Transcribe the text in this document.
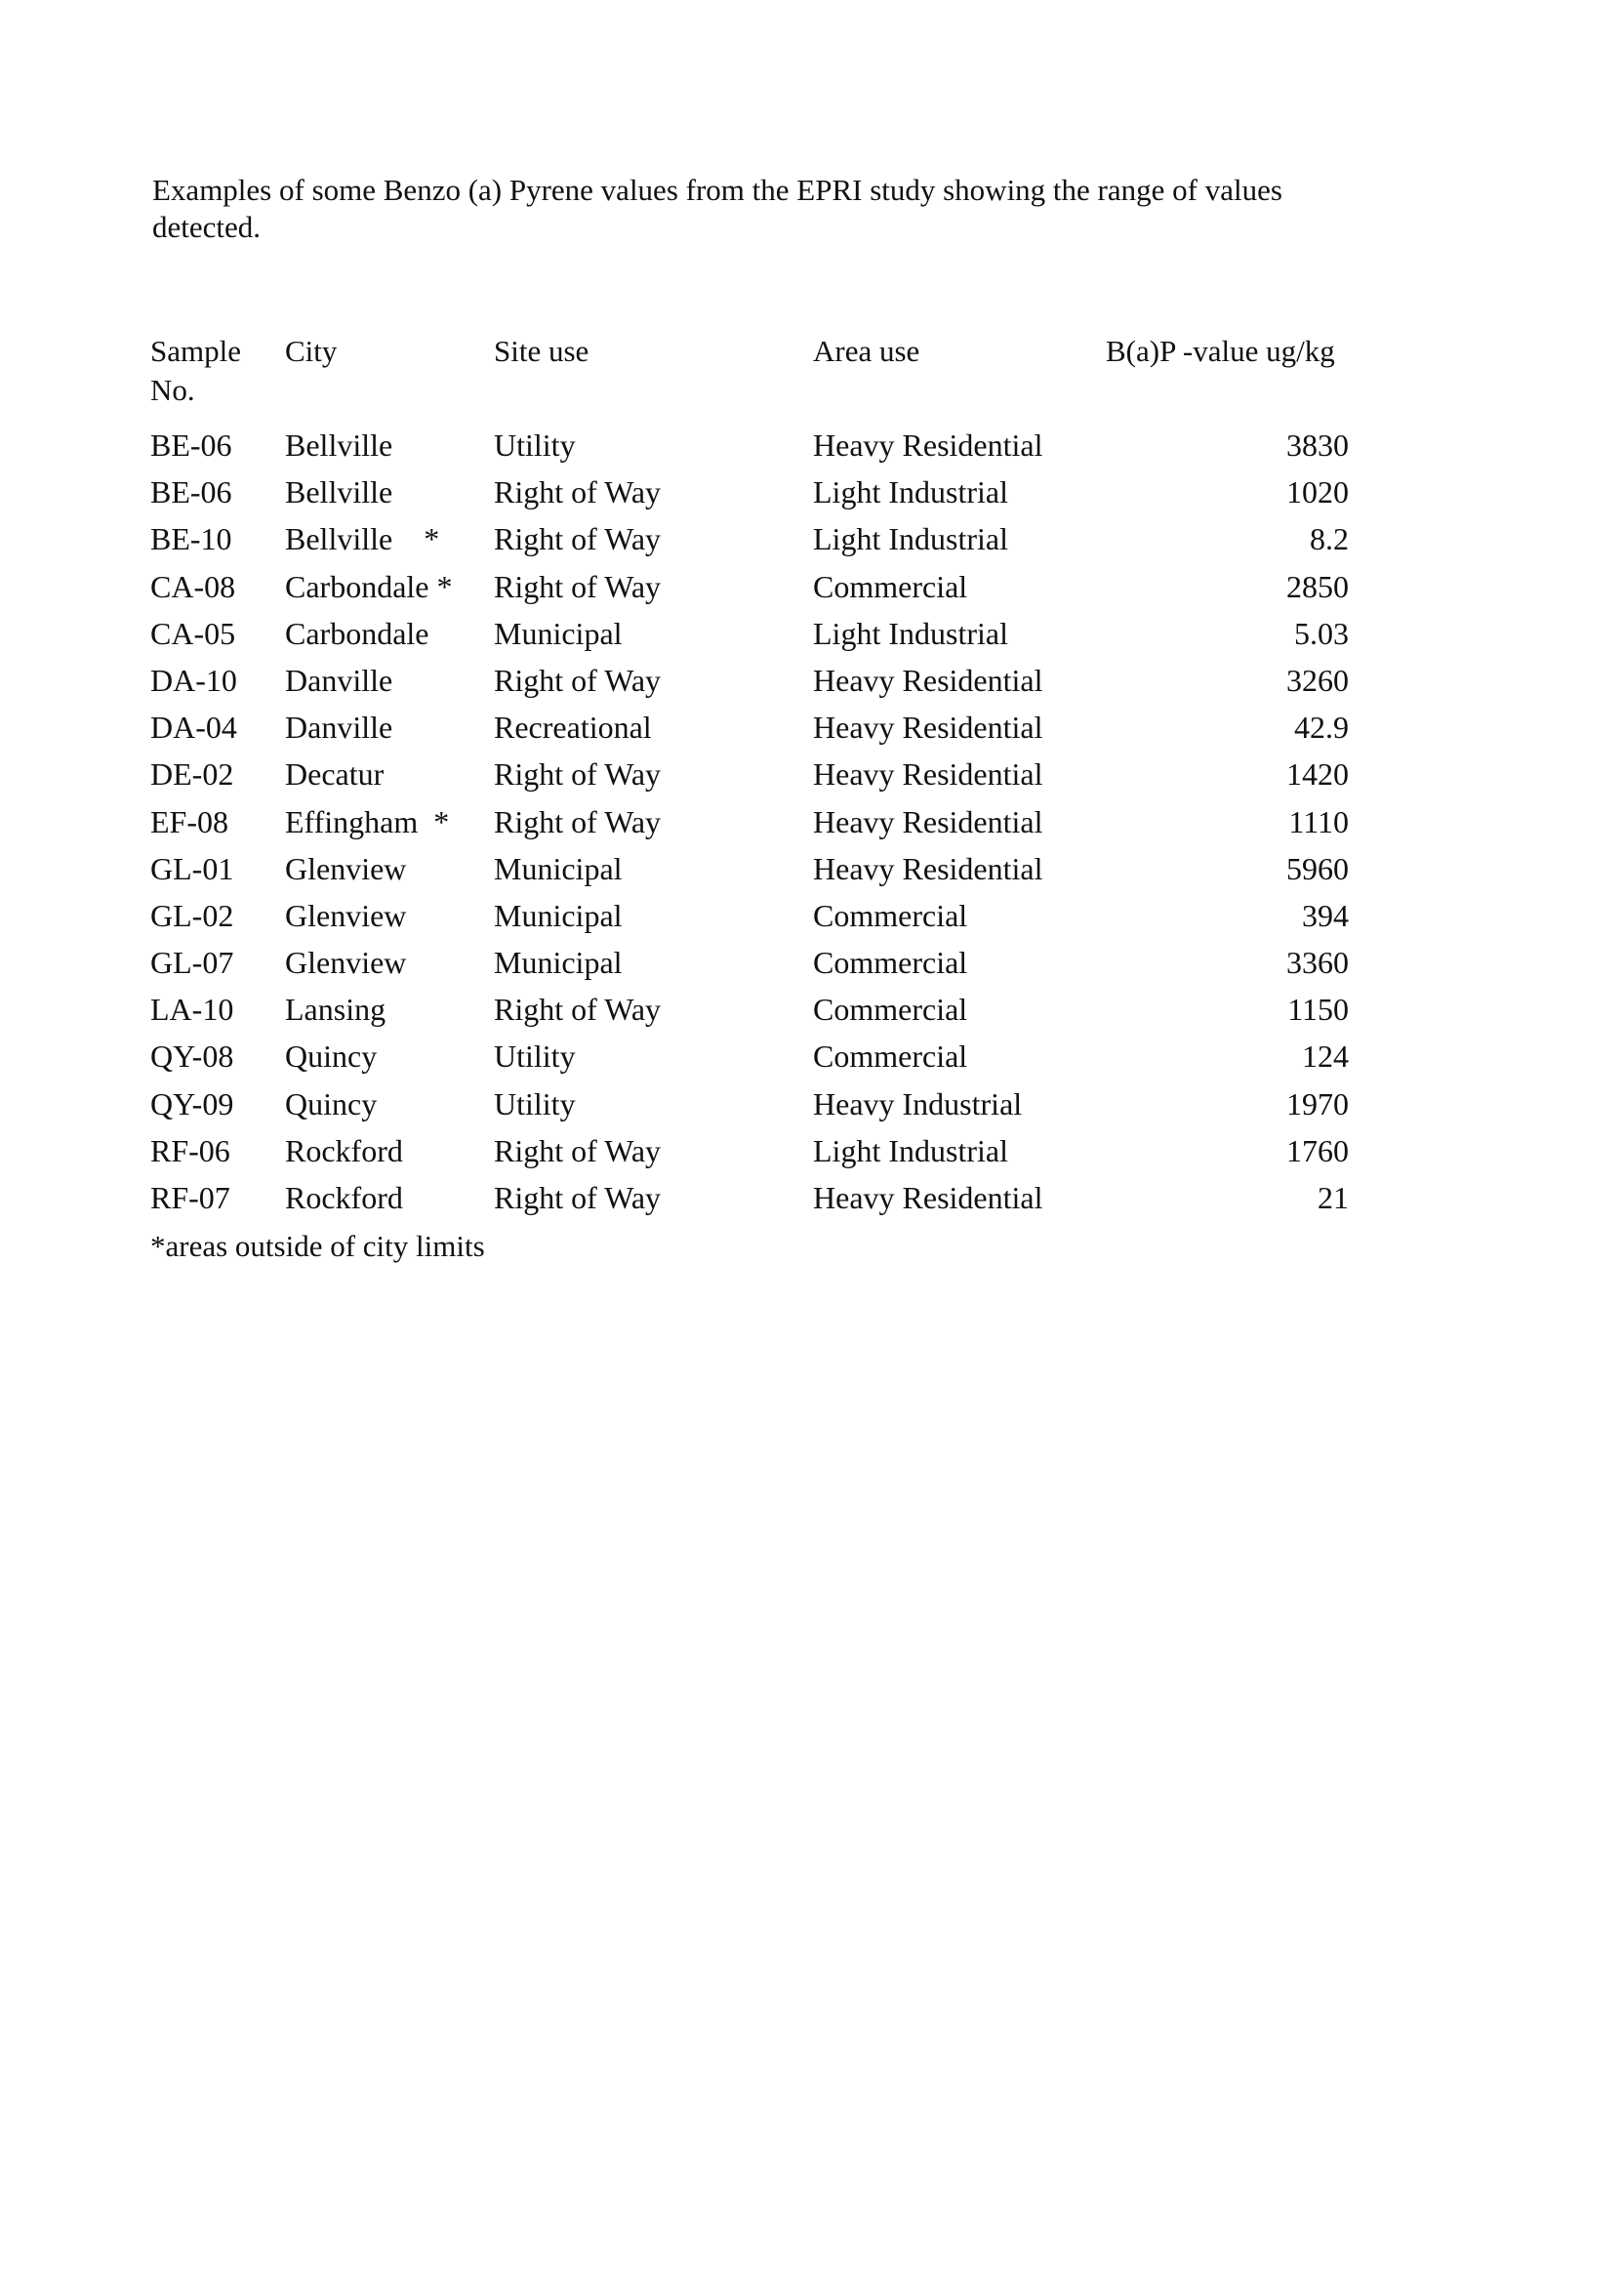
Examples of some Benzo (a) Pyrene values from the EPRI study showing the range of values detected.

Sample No.	City	Site use	Area use	B(a)P -value ug/kg
BE-06	Bellville	Utility	Heavy Residential	3830
BE-06	Bellville	Right of Way	Light Industrial	1020
BE-10	Bellville    *	Right of Way	Light Industrial	8.2
CA-08	Carbondale *	Right of Way	Commercial	2850
CA-05	Carbondale	Municipal	Light Industrial	5.03
DA-10	Danville	Right of Way	Heavy Residential	3260
DA-04	Danville	Recreational	Heavy Residential	42.9
DE-02	Decatur	Right of Way	Heavy Residential	1420
EF-08	Effingham  *	Right of Way	Heavy Residential	1110
GL-01	Glenview	Municipal	Heavy Residential	5960
GL-02	Glenview	Municipal	Commercial	394
GL-07	Glenview	Municipal	Commercial	3360
LA-10	Lansing	Right of Way	Commercial	1150
QY-08	Quincy	Utility	Commercial	124
QY-09	Quincy	Utility	Heavy Industrial	1970
RF-06	Rockford	Right of Way	Light Industrial	1760
RF-07	Rockford	Right of Way	Heavy Residential	21

*areas outside of city limits
